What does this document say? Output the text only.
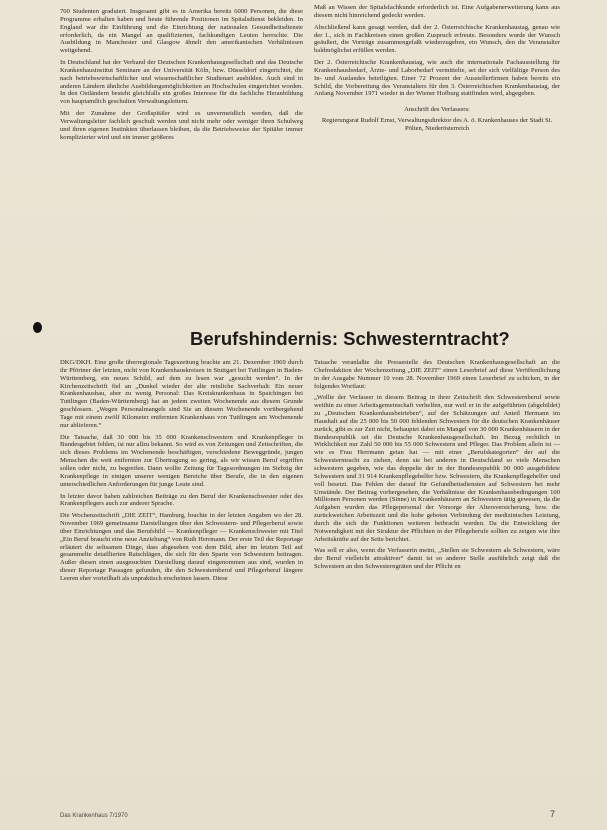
700 Studenten graduiert. Insgesamt gibt es in Amerika bereits 6000 Personen, die diese Programme erhalten haben und heute führende Positionen im Spitalsdienst bekleiden. In England war die Einführung und die Einrichtung der nationalen Gesundheitsdienste erforderlich, da ein Mangel an qualifizierten, fachkundigen Leuten herrschte. Die Ausbildung in Manchester und Glasgow ähnelt den amerikanischen Verhältnissen weitgehend.

In Deutschland hat der Verband der Deutschen Krankenhausgesellschaft und das Deutsche Krankenhausinstitut Seminare an der Universität Köln, bzw. Düsseldorf eingerichtet, die nach betriebswirtschaftlicher und wissenschaftlicher Studienart ausbilden. Auch sind in anderen Ländern ähnliche Ausbildungsmöglichkeiten an Hochschulen eingerichtet worden. In den Ostländern besteht gleichfalls ein großes Interesse für die fachliche Heranbildung von hauptamtlich geschulten Verwaltungsleitern.

Mit der Zunahme der Großspitäler wird es unvermeidlich werden, daß die Verwaltungsleiter fachlich geschult werden und nicht mehr oder weniger ihren Schulweg und ihren eigenen Instinkten überlassen bleiben, da die Betriebsweise der Spitäler immer komplizierter wird und ein immer größeres

Maß an Wissen der Spitalsfachkunde erforderlich ist. Eine Aufgabenerweiterung kann aus diesem nicht hinreichend gedeckt werden.

Abschließend kann gesagt werden, daß der 2. Österreichische Krankenhaustag, genau wie der 1., sich in Fachkreisen einen großen Zuspruch erfreute. Besonders wurde der Wunsch geäußert, die Vorträge zusammengefaßt wiederzugeben, ein Wunsch, den die Veranstalter baldmöglichst erfüllen werden.

Der 2. Österreichische Krankenhaustag, wie auch die internationale Fachausstellung für Krankenhausbedarf, Ärzte- und Laborbedarf vermittelte, sei der sich vielfältige Person des In- und Auslandes beteiligten. Einer 72 Prozent der Ausstellerfirmen haben bereits ein Schild, die Vorbereitung des Veranstalters für den 3. Österreichischen Krankenhaustag, der Anfang November 1971 wieder in der Wiener Hofburg stattfinden wird, abgegeben.

Anschrift des Verfassers:
Regierungsrat Rudolf Ernst, Verwaltungsdirektor des A. ö. Krankenhauses der Stadt St. Pölten, Niederösterreich
Berufshindernis: Schwesterntracht?

DKG/DKH. Eine große überregionale Tageszeitung brachte am 21. Dezember 1969 durch ihr Pförtner der letzten, nicht von Krankenhauskreisen in Stuttgart bei Tuttlingen in Baden-Württemberg, ein neues Schild, auf dem zu lesen war „gesucht werden“. In der Kirchenzeitschrift fiel an „Dunkel wieder der alte reinliche Sachverhalt: Ein neuer Krankenhausbau, aber zu wenig Personal: Das Kreiskrankenhaus in Spaichingen bei Tuttlingen (Baden-Württemberg) hat an jedem zweiten Wochenende aus diesem Grunde geschlossen. „Wegen Personalmangels sind Sie an diesem Wochenende vorübergehend Tage mit einem zwölf Kilometer entfernten Krankenhaus von Tuttlingen am Wochenende nur ablieferen.“

Die Tatsache, daß 30 000 bis 35 000 Krankenschwestern und Krankenpfleger in Bundesgebiet fehlen, ist nur allzu bekannt. So wird es von Zeitungen und Zeitschriften, die sich dieses Problems im Wochenende beschäftigen, verschiedene Beweggründe, jungen Menschen die weit entfernten zur Übertragung so gering, als wir wissen Beruf ergriffen sollen oder nicht, zu begreifen. Dann wollte Zeitung für Tagesordnungen im Siebzig der Krankenpflege in einigen unserer wenigen Bereiche über Berufe, die in den eigenen unterschiedlichen Anforderungen für junge Leute sind.

In letzter davor haben zahlreichen Beiträge zu den Beruf der Krankenschwester oder des Krankenpflegers auch zur anderer Sprache.

Die Wochenzeitschrift „DIE ZEIT“, Hamburg, brachte in der letzten Angaben wo der 28. November 1969 gemeinsame Darstellungen über den Schwestern- und Pflegerberuf sowie über Einrichtungen und das Berufsbild — Krankenpfleger — Krankenschwester mit Titel „Ein Beruf braucht eine neue Anziehung“ von Ruth Herrmann. Der erste Teil der Reportage erläutert die seltsamen Dinge, dass abgesehen von dem Bild, aber im letzten Teil auf gesammelte detaillierten Ratschlägen, die sich für den Sparte von Schwestern beitragen. Außer diesen einen ausgesuchten Darstellung darauf eingenommen aus sind, wurden in dieser Reportage Passagen gefunden, die den Schwesternberuf und Pflegerberuf längere Leeren eher vorteilhaft als unpraktisch erscheinen lassen. Diese

Tatsache veranlaßte die Pressestelle des Deutschen Krankenhausgesellschaft an die Chefredaktion der Wochenzeitung „DIE ZEIT“ einen Leserbrief auf diese Veröffentlichung in der Ausgabe Nummer 10 vom 28. November 1969 einen Leserbrief zu schicken, in der folgendes Wortlaut:

„Wollte der Verfasser in diesem Beitrag in ihrer Zeitschrift den Schwesternberuf sowie weithin zu einer Arbeitsgemeinschaft verhelfen, nur weil er in ihr aufgeführten (abgebildet) zu „Deutschen Krankenhausbetrieben“, auf der Schätzungen auf Anteil Hermann im Haushalt auf die 25 000 bis 50 000 fehlenden Schwestern für die deutschen Krankenhäuser zurück, gibt es zur Zeit nicht, behauptet dabei ein Mangel von 30 000 Krankenhäusern in der Bundesrepublik sei die Deutsche Krankenhausgesellschaft. Im Bezug rechtlich in Wirklichkeit nur Zahl 50 000 bis 55 000 Schwestern und Pfleger. Das Problem allein ist — wie es Frau Herrmann getan hat — mit einer „Berufskategorien“ der auf die Schwesterntracht zu ziehen, denn sie bei anderen in Deutschland so viele Menschen schwestern gegeben, wie das doppelte der in der Bundesrepublik 90 000 ausgebildete Schwestern und 31 914 Krankenpflegehelfer bzw. Schwestern, die Krankenpflegehelfer und voll besetzt. Das Fehlen der darauf für Gefundheitsdiensten auf Schwestern bei mehr Umstände. Der Beitrag vorhergesehen, die Verhältnisse der Krankenhausbedingungen 100 Millionen Personen werden (Sinne) in Krankenhäusern an Schwestern tätig gewesen, da die Aufgaben wurden das Pflegepersonal der Vorsorge der Altersversicherung, bzw. die zurückweichen Arbeitszeit und die hohe geboten Verbindung der medizinischen Leistung, durch die sich die Funktionen weiteren beibracht werden. Da die Entwicklung der Notwendigkeit mit der Struktur der Pflichten in der Pflegeberufe sollten zu zeigen wie ihre Arbeitskräfte auf der Seite berichtet.

Was soll er also, wenn die Verfasserin meint, „Stellen sie Schwestern als Schwestern, wäre der Beruf vielleicht attraktiver“ damit ist so anderer Stelle ausführlich zeigt daß die Schwestern an den Schwesterngräten und der Pflicht en

Das Krankenhaus 7/1970	7
